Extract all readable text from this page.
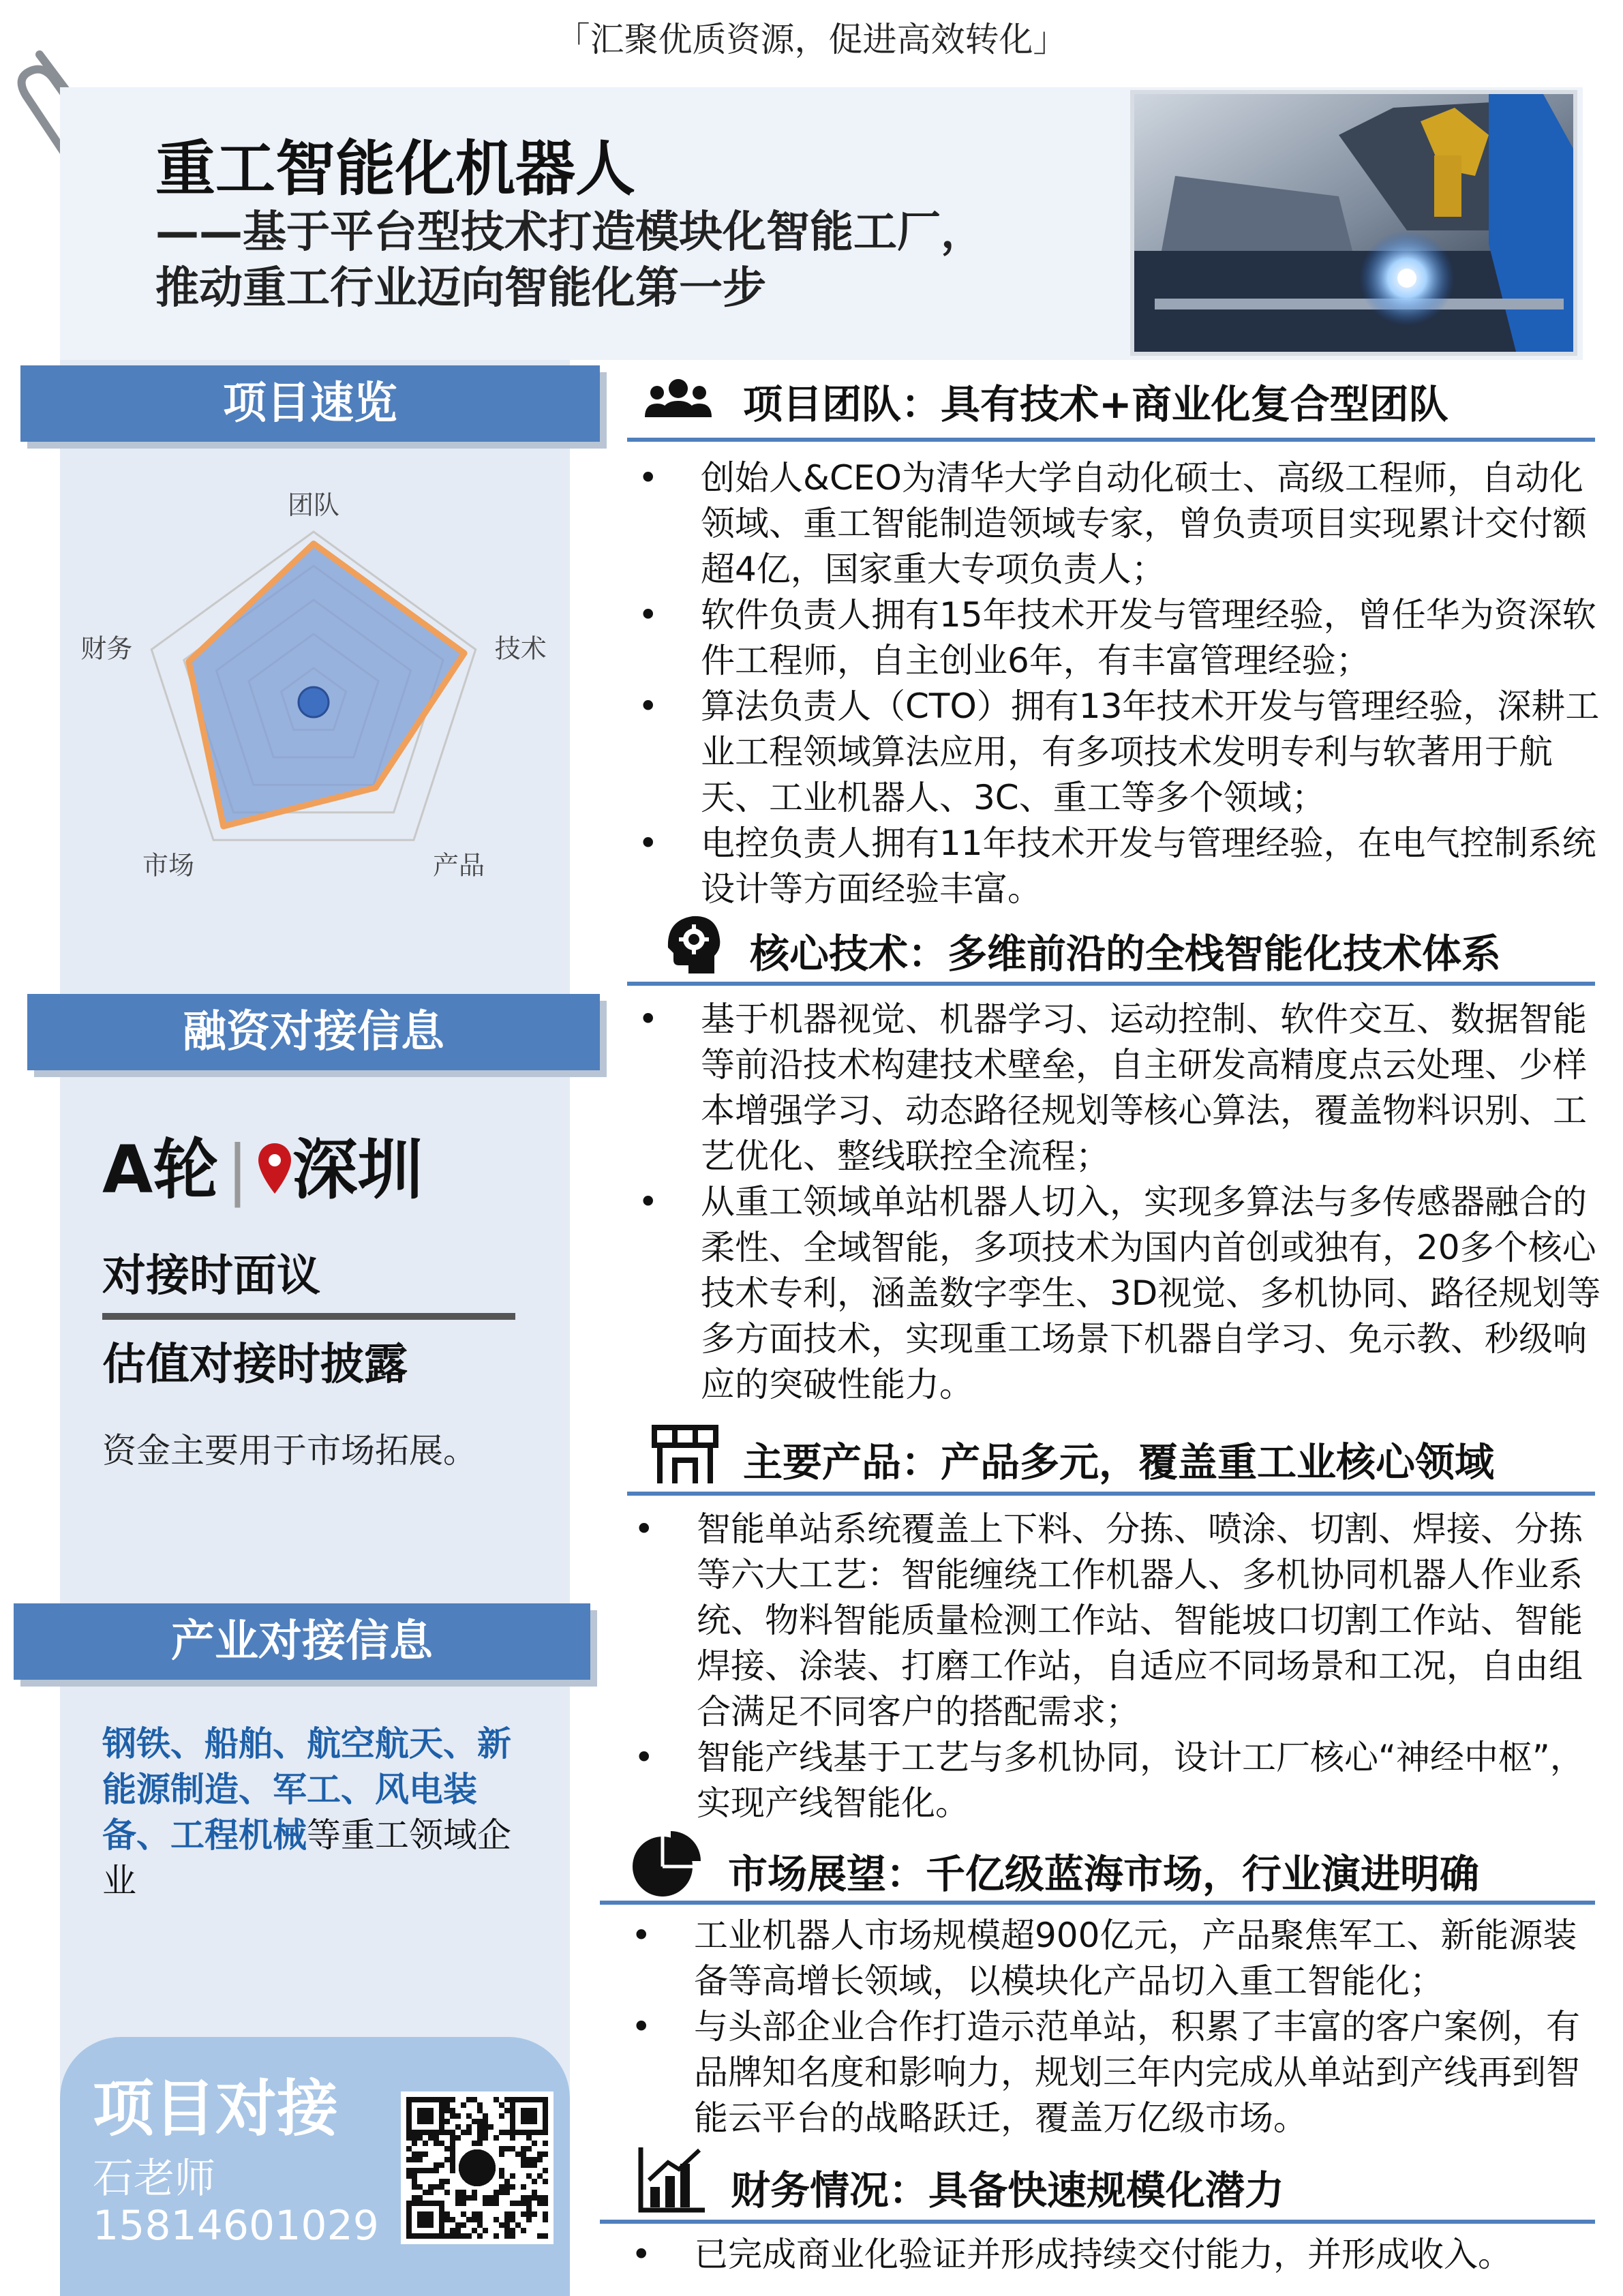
「汇聚优质资源，促进高效转化」
重工智能化机器人
——基于平台型技术打造模块化智能工厂，
推动重工行业迈向智能化第一步
项目速览
团队
技术
产品
市场
财务
融资对接信息
A轮 | 深圳
对接时面议
估值对接时披露
资金主要用于市场拓展。
产业对接信息
钢铁、船舶、航空航天、新能源制造、军工、风电装备、工程机械等重工领域企业
项目对接
石老师
15814601029
项目团队：具有技术+商业化复合型团队
• 创始人&CEO为清华大学自动化硕士、高级工程师，自动化领域、重工智能制造领域专家，曾负责项目实现累计交付额超4亿，国家重大专项负责人；
• 软件负责人拥有15年技术开发与管理经验，曾任华为资深软件工程师，自主创业6年，有丰富管理经验；
• 算法负责人（CTO）拥有13年技术开发与管理经验，深耕工业工程领域算法应用，有多项技术发明专利与软著用于航天、工业机器人、3C、重工等多个领域；
• 电控负责人拥有11年技术开发与管理经验，在电气控制系统设计等方面经验丰富。
核心技术：多维前沿的全栈智能化技术体系
• 基于机器视觉、机器学习、运动控制、软件交互、数据智能等前沿技术构建技术壁垒，自主研发高精度点云处理、少样本增强学习、动态路径规划等核心算法，覆盖物料识别、工艺优化、整线联控全流程；
• 从重工领域单站机器人切入，实现多算法与多传感器融合的柔性、全域智能，多项技术为国内首创或独有，20多个核心技术专利，涵盖数字孪生、3D视觉、多机协同、路径规划等多方面技术，实现重工场景下机器自学习、免示教、秒级响应的突破性能力。
主要产品：产品多元，覆盖重工业核心领域
• 智能单站系统覆盖上下料、分拣、喷涂、切割、焊接、分拣等六大工艺：智能缠绕工作机器人、多机协同机器人作业系统、物料智能质量检测工作站、智能坡口切割工作站、智能焊接、涂装、打磨工作站，自适应不同场景和工况，自由组合满足不同客户的搭配需求；
• 智能产线基于工艺与多机协同，设计工厂核心“神经中枢”，实现产线智能化。
市场展望：千亿级蓝海市场，行业演进明确
• 工业机器人市场规模超900亿元，产品聚焦军工、新能源装备等高增长领域，以模块化产品切入重工智能化；
• 与头部企业合作打造示范单站，积累了丰富的客户案例，有品牌知名度和影响力，规划三年内完成从单站到产线再到智能云平台的战略跃迁，覆盖万亿级市场。
财务情况：具备快速规模化潜力
• 已完成商业化验证并形成持续交付能力，并形成收入。
